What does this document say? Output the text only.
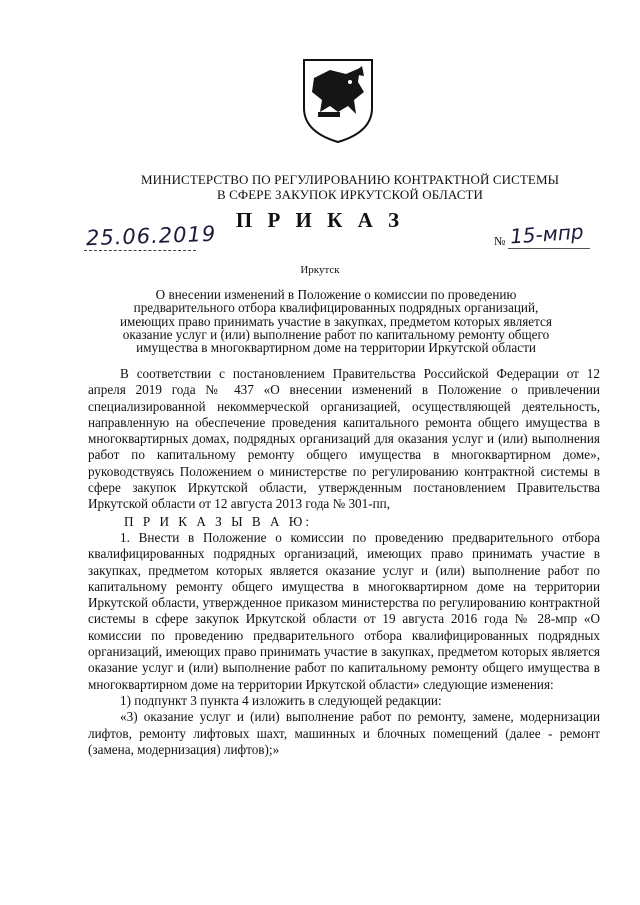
МИНИСТЕРСТВО ПО РЕГУЛИРОВАНИЮ КОНТРАКТНОЙ СИСТЕМЫ
В СФЕРЕ ЗАКУПОК ИРКУТСКОЙ ОБЛАСТИ
П Р И К А З
25.06.2019	№ 15-мпр
Иркутск
О внесении изменений в Положение о комиссии по проведению
предварительного отбора квалифицированных подрядных организаций,
имеющих право принимать участие в закупках, предметом которых является
оказание услуг и (или) выполнение работ по капитальному ремонту общего
имущества в многоквартирном доме на территории Иркутской области

В соответствии с постановлением Правительства Российской Федерации от 12 апреля 2019 года № 437 «О внесении изменений в Положение о привлечении специализированной некоммерческой организацией, осуществляющей деятельность, направленную на обеспечение проведения капитального ремонта общего имущества в многоквартирных домах, подрядных организаций для оказания услуг и (или) выполнения работ по капитальному ремонту общего имущества в многоквартирном доме», руководствуясь Положением о министерстве по регулированию контрактной системы в сфере закупок Иркутской области, утвержденным постановлением Правительства Иркутской области от 12 августа 2013 года № 301-пп,

П Р И К А З Ы В А Ю:

1. Внести в Положение о комиссии по проведению предварительного отбора квалифицированных подрядных организаций, имеющих право принимать участие в закупках, предметом которых является оказание услуг и (или) выполнение работ по капитальному ремонту общего имущества в многоквартирном доме на территории Иркутской области, утвержденное приказом министерства по регулированию контрактной системы в сфере закупок Иркутской области от 19 августа 2016 года № 28-мпр «О комиссии по проведению предварительного отбора квалифицированных подрядных организаций, имеющих право принимать участие в закупках, предметом которых является оказание услуг и (или) выполнение работ по капитальному ремонту общего имущества в многоквартирном доме на территории Иркутской области» следующие изменения:

1) подпункт 3 пункта 4 изложить в следующей редакции:

«3) оказание услуг и (или) выполнение работ по ремонту, замене, модернизации лифтов, ремонту лифтовых шахт, машинных и блочных помещений (далее - ремонт (замена, модернизация) лифтов);»
